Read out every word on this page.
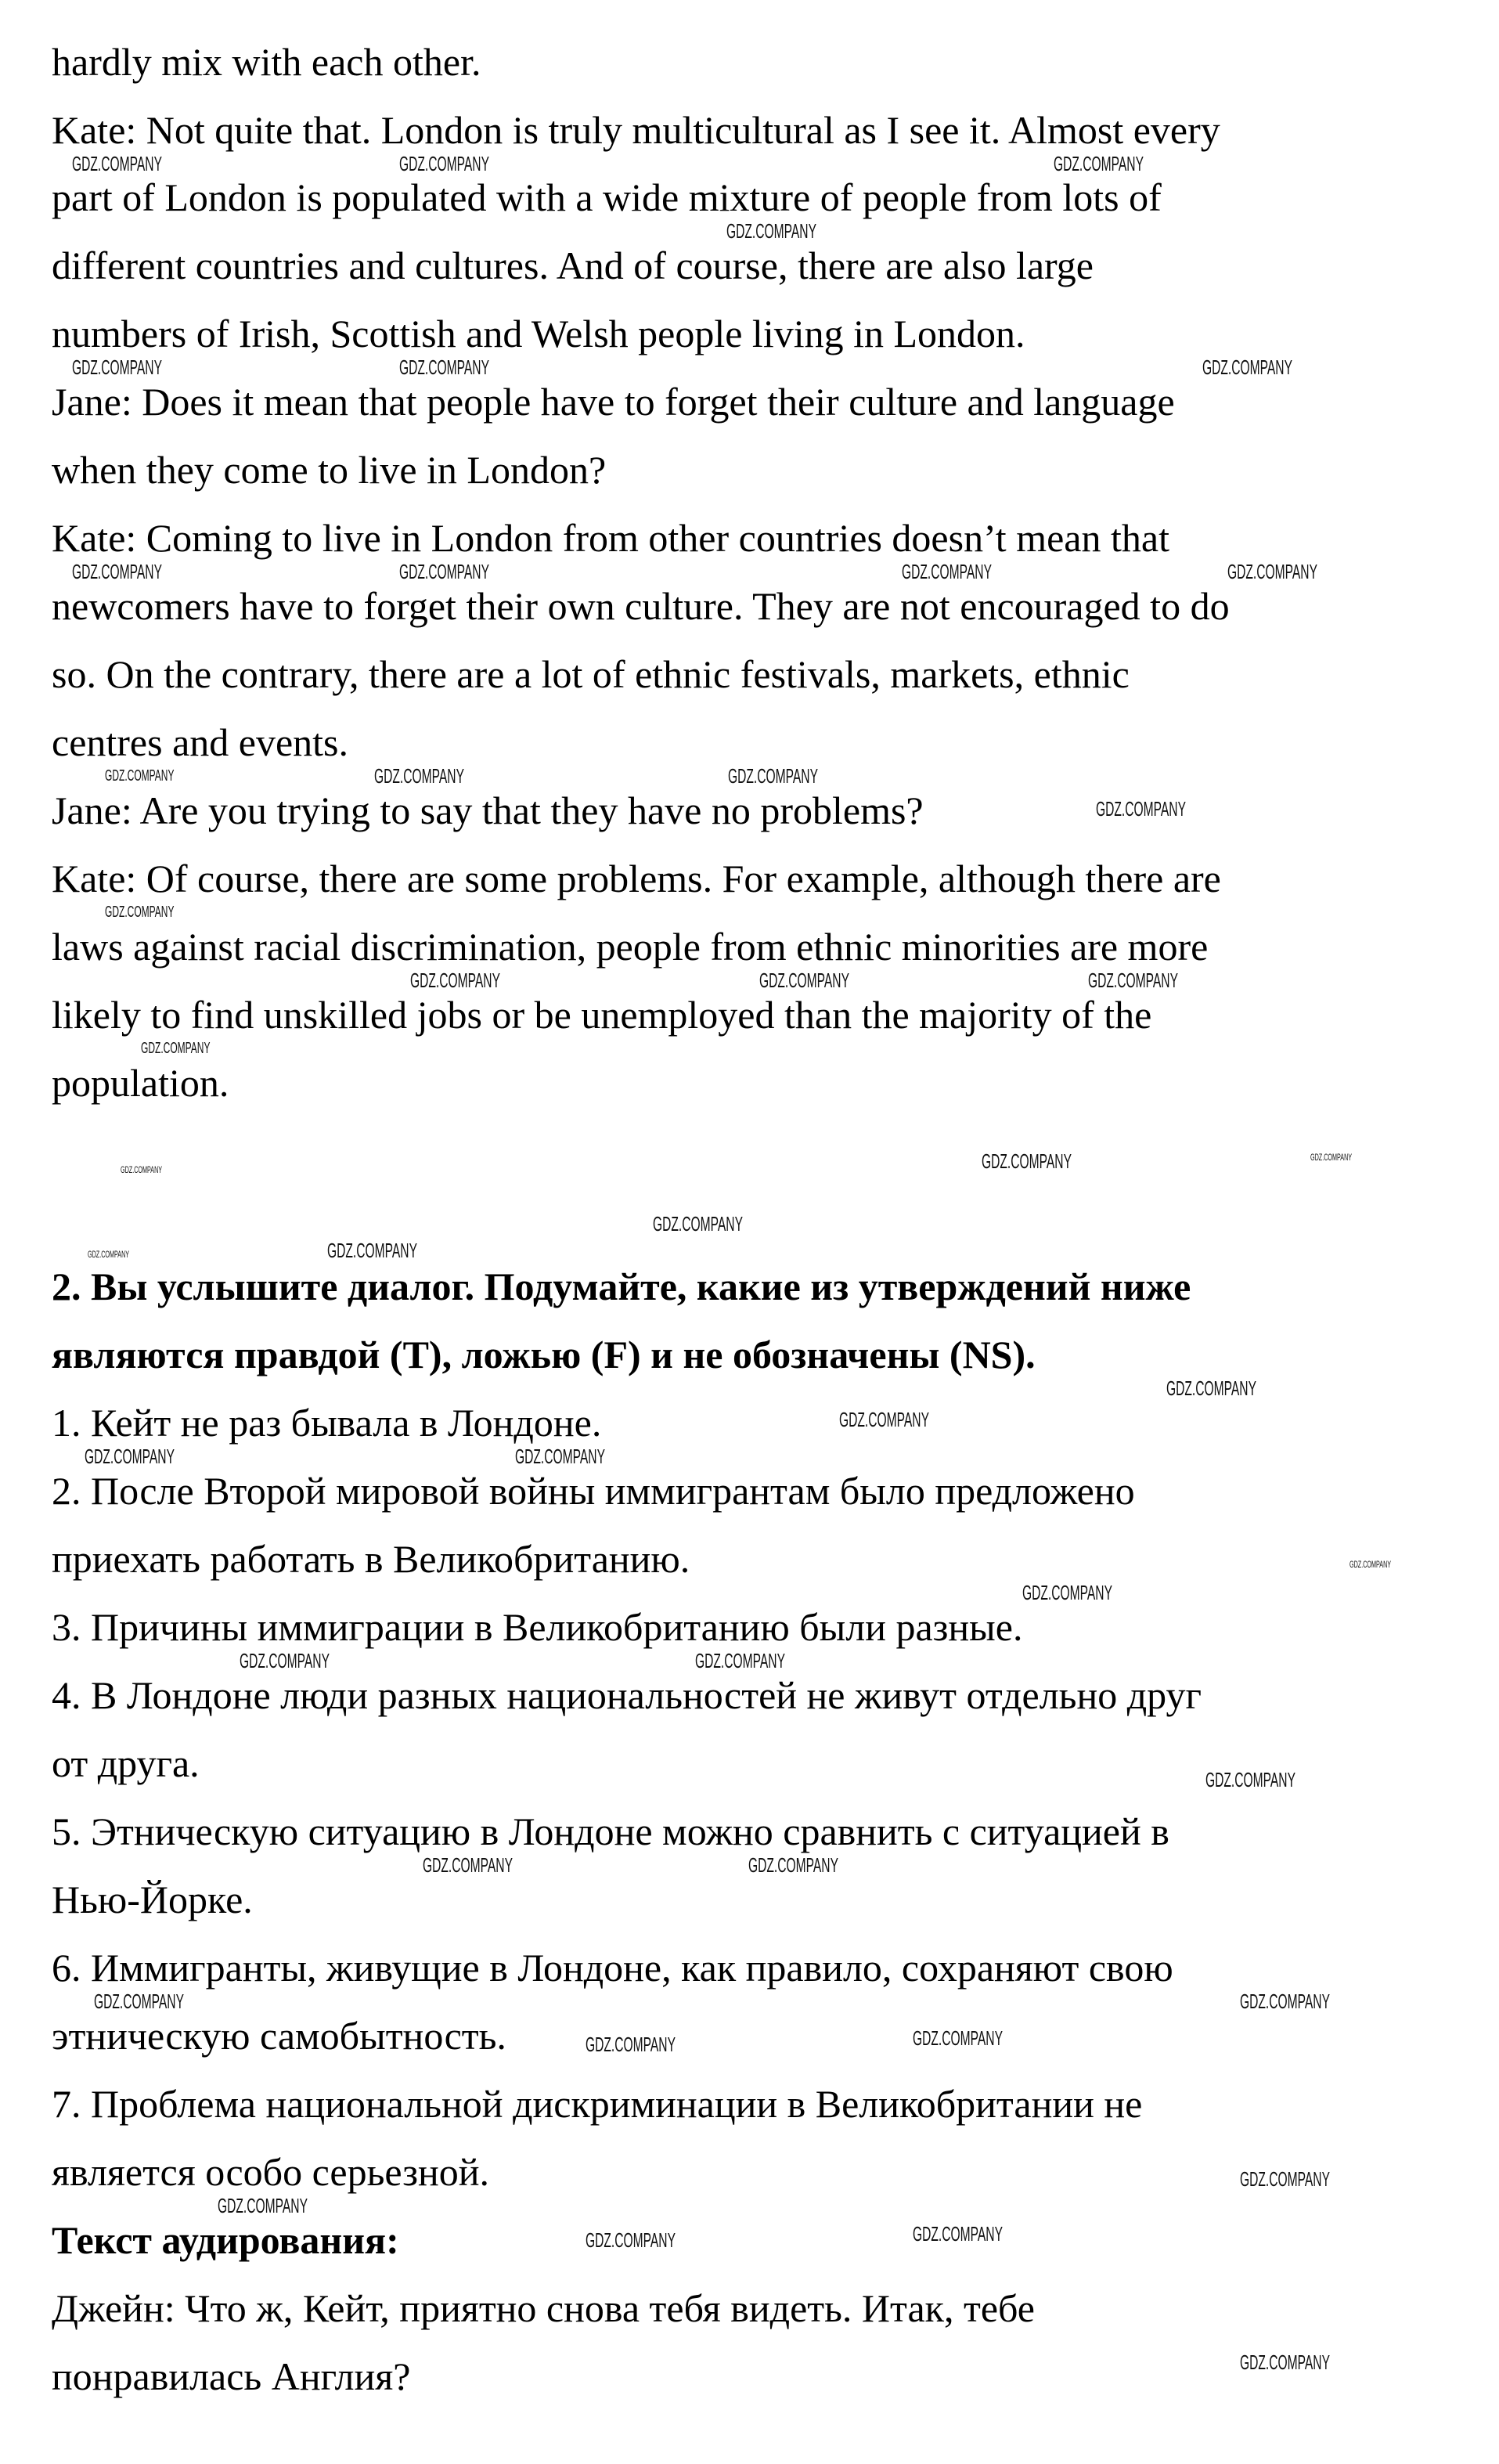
hardly mix with each other.
Kate: Not quite that. London is truly multicultural as I see it. Almost every
part of London is populated with a wide mixture of people from lots of
different countries and cultures. And of course, there are also large
numbers of Irish, Scottish and Welsh people living in London.
Jane: Does it mean that people have to forget their culture and language
when they come to live in London?
Kate: Coming to live in London from other countries doesn’t mean that
newcomers have to forget their own culture. They are not encouraged to do
so. On the contrary, there are a lot of ethnic festivals, markets, ethnic
centres and events.
Jane: Are you trying to say that they have no problems?
Kate: Of course, there are some problems. For example, although there are
laws against racial discrimination, people from ethnic minorities are more
likely to find unskilled jobs or be unemployed than the majority of the
population.
2. Вы услышите диалог. Подумайте, какие из утверждений ниже
являются правдой (T), ложью (F) и не обозначены (NS).
1. Кейт не раз бывала в Лондоне.
2. После Второй мировой войны иммигрантам было предложено
приехать работать в Великобританию.
3. Причины иммиграции в Великобританию были разные.
4. В Лондоне люди разных национальностей не живут отдельно друг
от друга.
5. Этническую ситуацию в Лондоне можно сравнить с ситуацией в
Нью-Йорке.
6. Иммигранты, живущие в Лондоне, как правило, сохраняют свою
этническую самобытность.
7. Проблема национальной дискриминации в Великобритании не
является особо серьезной.
Текст аудирования:
Джейн: Что ж, Кейт, приятно снова тебя видеть. Итак, тебе
понравилась Англия?
GDZ.COMPANY	GDZ.COMPANY	GDZ.COMPANY
GDZ.COMPANY
GDZ.COMPANY	GDZ.COMPANY	GDZ.COMPANY
GDZ.COMPANY	GDZ.COMPANY	GDZ.COMPANY	GDZ.COMPANY
GDZ.COMPANY	GDZ.COMPANY	GDZ.COMPANY
GDZ.COMPANY
GDZ.COMPANY
GDZ.COMPANY	GDZ.COMPANY	GDZ.COMPANY
GDZ.COMPANY
GDZ.COMPANY	GDZ.COMPANY	GDZ.COMPANY
GDZ.COMPANY
GDZ.COMPANY	GDZ.COMPANY
GDZ.COMPANY
GDZ.COMPANY
GDZ.COMPANY	GDZ.COMPANY
GDZ.COMPANY
GDZ.COMPANY
GDZ.COMPANY	GDZ.COMPANY
GDZ.COMPANY
GDZ.COMPANY	GDZ.COMPANY
GDZ.COMPANY	GDZ.COMPANY
GDZ.COMPANY	GDZ.COMPANY
GDZ.COMPANY
GDZ.COMPANY
GDZ.COMPANY	GDZ.COMPANY
GDZ.COMPANY
